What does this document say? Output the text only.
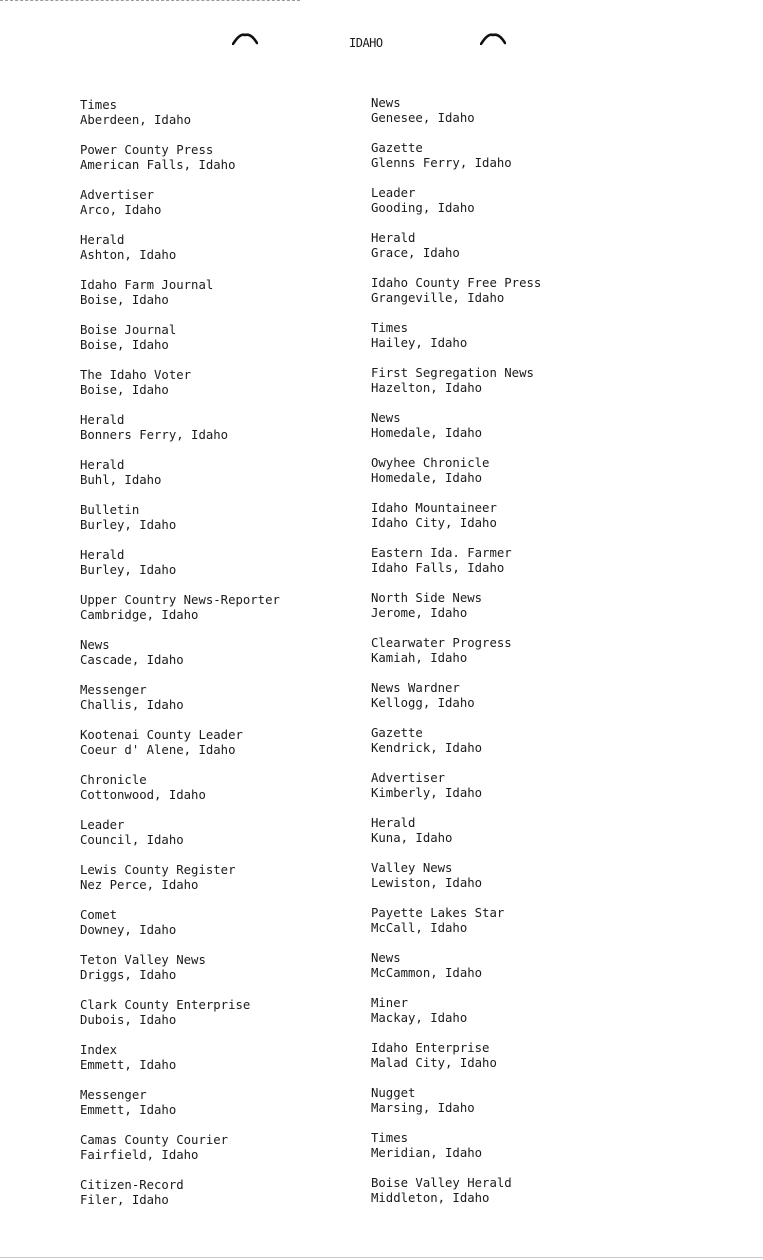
IDAHO
Times
Aberdeen, Idaho
Power County Press
American Falls, Idaho
Advertiser
Arco, Idaho
Herald
Ashton, Idaho
Idaho Farm Journal
Boise, Idaho
Boise Journal
Boise, Idaho
The Idaho Voter
Boise, Idaho
Herald
Bonners Ferry, Idaho
Herald
Buhl, Idaho
Bulletin
Burley, Idaho
Herald
Burley, Idaho
Upper Country News-Reporter
Cambridge, Idaho
News
Cascade, Idaho
Messenger
Challis, Idaho
Kootenai County Leader
Coeur d' Alene, Idaho
Chronicle
Cottonwood, Idaho
Leader
Council, Idaho
Lewis County Register
Nez Perce, Idaho
Comet
Downey, Idaho
Teton Valley News
Driggs, Idaho
Clark County Enterprise
Dubois, Idaho
Index
Emmett, Idaho
Messenger
Emmett, Idaho
Camas County Courier
Fairfield, Idaho
Citizen-Record
Filer, Idaho
News
Genesee, Idaho
Gazette
Glenns Ferry, Idaho
Leader
Gooding, Idaho
Herald
Grace, Idaho
Idaho County Free Press
Grangeville, Idaho
Times
Hailey, Idaho
First Segregation News
Hazelton, Idaho
News
Homedale, Idaho
Owyhee Chronicle
Homedale, Idaho
Idaho Mountaineer
Idaho City, Idaho
Eastern Ida. Farmer
Idaho Falls, Idaho
North Side News
Jerome, Idaho
Clearwater Progress
Kamiah, Idaho
News Wardner
Kellogg, Idaho
Gazette
Kendrick, Idaho
Advertiser
Kimberly, Idaho
Herald
Kuna, Idaho
Valley News
Lewiston, Idaho
Payette Lakes Star
McCall, Idaho
News
McCammon, Idaho
Miner
Mackay, Idaho
Idaho Enterprise
Malad City, Idaho
Nugget
Marsing, Idaho
Times
Meridian, Idaho
Boise Valley Herald
Middleton, Idaho
